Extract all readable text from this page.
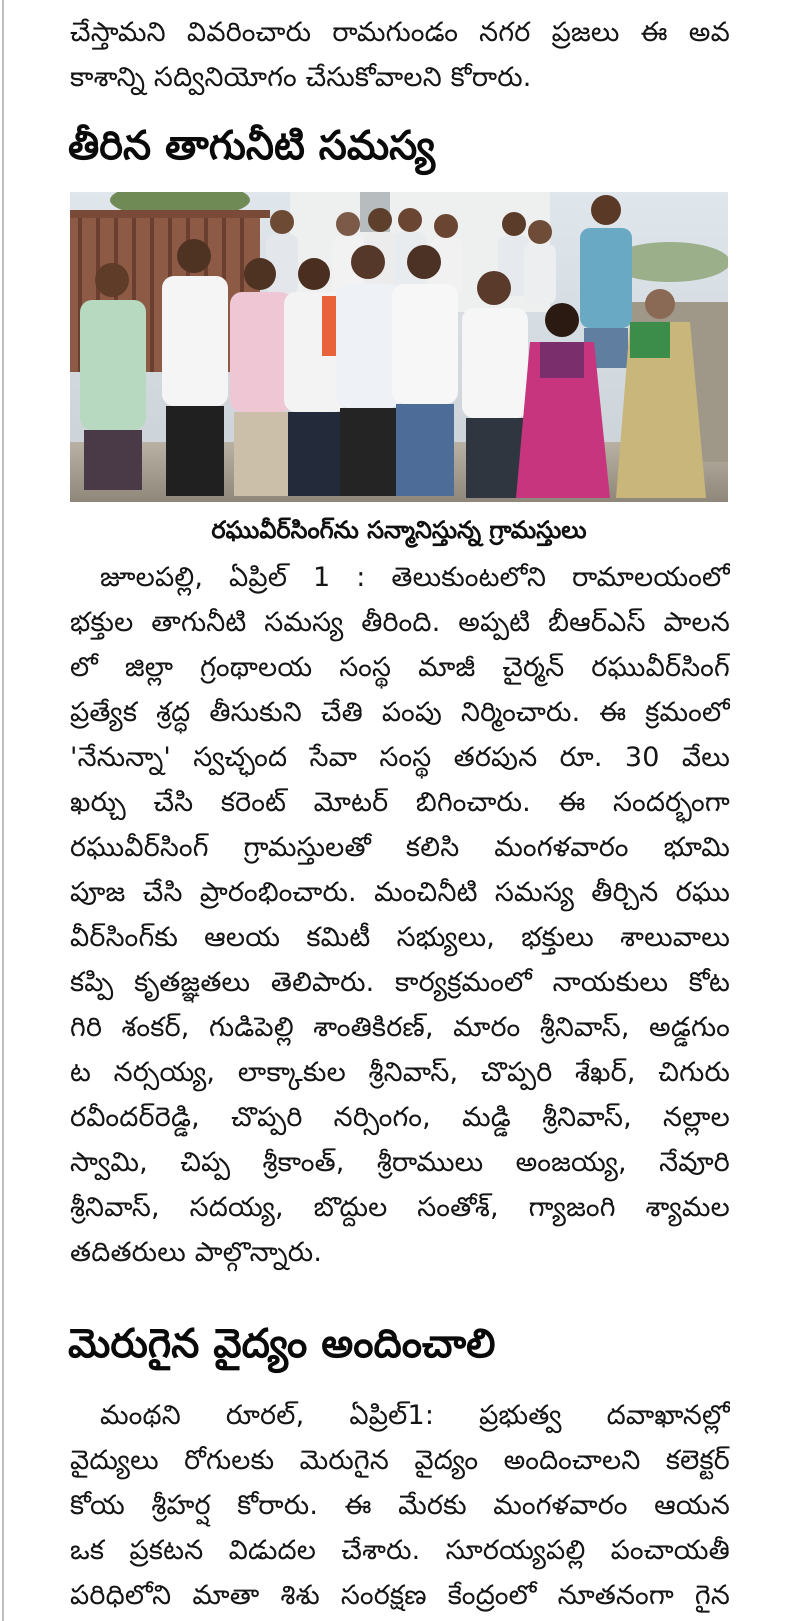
చేస్తామని వివరించారు రామగుండం నగర ప్రజలు ఈ అవ
కాశాన్ని సద్వినియోగం చేసుకోవాలని కోరారు.
తీరిన తాగునీటి సమస్య
రఘువీర్‌సింగ్‌ను సన్మానిస్తున్న గ్రామస్తులు
జూలపల్లి, ఏప్రిల్ 1 : తెలుకుంటలోని రామాలయంలో
భక్తుల తాగునీటి సమస్య తీరింది. అప్పటి బీఆర్ఎస్ పాలన
లో జిల్లా గ్రంథాలయ సంస్థ మాజీ చైర్మన్ రఘువీర్‌సింగ్
ప్రత్యేక శ్రద్ధ తీసుకుని చేతి పంపు నిర్మించారు. ఈ క్రమంలో
'నేనున్నా' స్వచ్ఛంద సేవా సంస్థ తరపున రూ. 30 వేలు
ఖర్చు చేసి కరెంట్ మోటర్ బిగించారు. ఈ సందర్భంగా
రఘువీర్‌సింగ్ గ్రామస్తులతో కలిసి మంగళవారం భూమి
పూజ చేసి ప్రారంభించారు. మంచినీటి సమస్య తీర్చిన రఘు
వీర్‌సింగ్‌కు ఆలయ కమిటీ సభ్యులు, భక్తులు శాలువాలు
కప్పి కృతజ్ఞతలు తెలిపారు. కార్యక్రమంలో నాయకులు కోట
గిరి శంకర్, గుడిపెల్లి శాంతికిరణ్, మారం శ్రీనివాస్, అడ్డగుం
ట నర్సయ్య, లాక్కాకుల శ్రీనివాస్, చొప్పరి శేఖర్, చిగురు
రవీందర్‌రెడ్డి, చొప్పరి నర్సింగం, మడ్డి శ్రీనివాస్, నల్లాల
స్వామి, చిప్ప శ్రీకాంత్, శ్రీరాములు అంజయ్య, నేవూరి
శ్రీనివాస్, సదయ్య, బొద్దుల సంతోశ్, గ్యాజంగి శ్యామల
తదితరులు పాల్గొన్నారు.
మెరుగైన వైద్యం అందించాలి
మంథని రూరల్, ఏప్రిల్1: ప్రభుత్వ దవాఖానల్లో
వైద్యులు రోగులకు మెరుగైన వైద్యం అందించాలని కలెక్టర్
కోయ శ్రీహర్ష కోరారు. ఈ మేరకు మంగళవారం ఆయన
ఒక ప్రకటన విడుదల చేశారు. సూరయ్యపల్లి పంచాయతీ
పరిధిలోని మాతా శిశు సంరక్షణ కేంద్రంలో నూతనంగా గైన
